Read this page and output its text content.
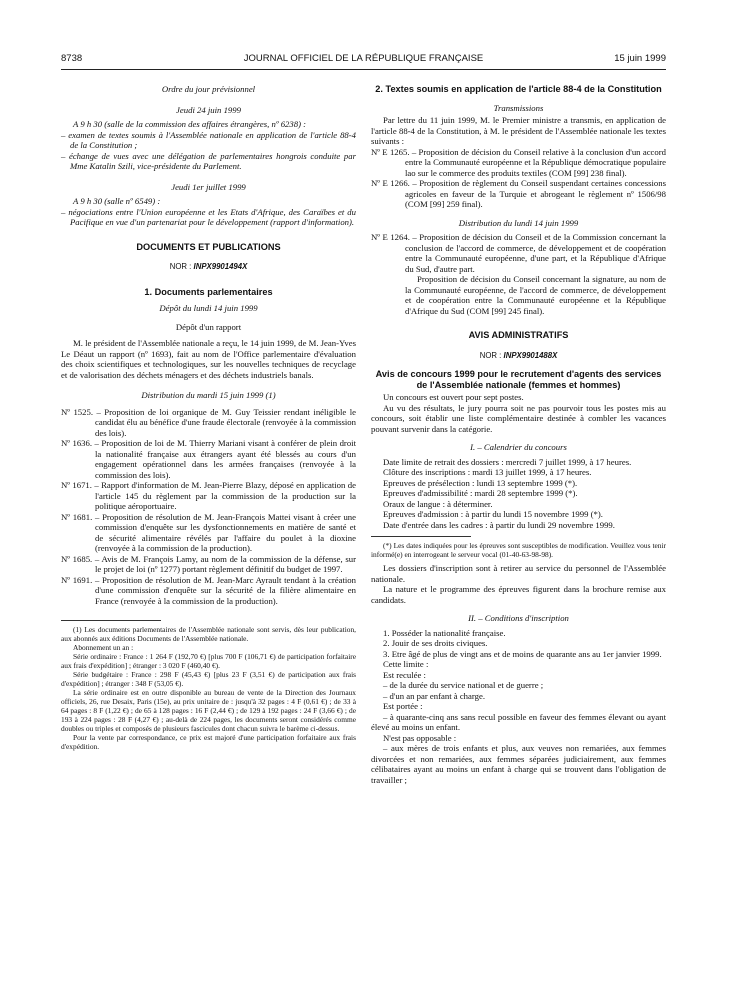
8738	JOURNAL OFFICIEL DE LA RÉPUBLIQUE FRANÇAISE	15 juin 1999

Ordre du jour prévisionnel

Jeudi 24 juin 1999

A 9 h 30 (salle de la commission des affaires étrangères, nº 6238) :

– examen de textes soumis à l'Assemblée nationale en application de l'article 88-4 de la Constitution ;

– échange de vues avec une délégation de parlementaires hongrois conduite par Mme Katalin Szili, vice-présidente du Parlement.

Jeudi 1er juillet 1999

A 9 h 30 (salle nº 6549) :

– négociations entre l'Union européenne et les Etats d'Afrique, des Caraïbes et du Pacifique en vue d'un partenariat pour le développement (rapport d'information).

DOCUMENTS ET PUBLICATIONS

NOR : INPX9901494X

1. Documents parlementaires

Dépôt du lundi 14 juin 1999

Dépôt d'un rapport

M. le président de l'Assemblée nationale a reçu, le 14 juin 1999, de M. Jean-Yves Le Déaut un rapport (nº 1693), fait au nom de l'Office parlementaire d'évaluation des choix scientifiques et technologiques, sur les nouvelles techniques de recyclage et de valorisation des déchets ménagers et des déchets industriels banals.

Distribution du mardi 15 juin 1999 (1)

Nº 1525. – Proposition de loi organique de M. Guy Teissier rendant inéligible le candidat élu au bénéfice d'une fraude électorale (renvoyée à la commission des lois).

Nº 1636. – Proposition de loi de M. Thierry Mariani visant à conférer de plein droit la nationalité française aux étrangers ayant été blessés au cours d'un engagement opérationnel dans les armées françaises (renvoyée à la commission des lois).

Nº 1671. – Rapport d'information de M. Jean-Pierre Blazy, déposé en application de l'article 145 du règlement par la commission de la production sur la politique aéroportuaire.

Nº 1681. – Proposition de résolution de M. Jean-François Mattei visant à créer une commission d'enquête sur les dysfonctionnements en matière de santé et de sécurité alimentaire révélés par l'affaire du poulet à la dioxine (renvoyée à la commission de la production).

Nº 1685. – Avis de M. François Lamy, au nom de la commission de la défense, sur le projet de loi (nº 1277) portant règlement définitif du budget de 1997.

Nº 1691. – Proposition de résolution de M. Jean-Marc Ayrault tendant à la création d'une commission d'enquête sur la sécurité de la filière alimentaire en France (renvoyée à la commission de la production).

(1) Les documents parlementaires de l'Assemblée nationale sont servis, dès leur publication, aux abonnés aux éditions Documents de l'Assemblée nationale.

Abonnement un an :

Série ordinaire : France : 1 264 F (192,70 €) [plus 700 F (106,71 €) de participation forfaitaire aux frais d'expédition] ; étranger : 3 020 F (460,40 €).

Série budgétaire : France : 298 F (45,43 €) [plus 23 F (3,51 €) de participation aux frais d'expédition] ; étranger : 348 F (53,05 €).

La série ordinaire est en outre disponible au bureau de vente de la Direction des Journaux officiels, 26, rue Desaix, Paris (15e), au prix unitaire de : jusqu'à 32 pages : 4 F (0,61 €) ; de 33 à 64 pages : 8 F (1,22 €) ; de 65 à 128 pages : 16 F (2,44 €) ; de 129 à 192 pages : 24 F (3,66 €) ; de 193 à 224 pages : 28 F (4,27 €) ; au-delà de 224 pages, les documents seront considérés comme doubles ou triples et composés de plusieurs fascicules dont chacun suivra le barème ci-dessus.

Pour la vente par correspondance, ce prix est majoré d'une participation forfaitaire aux frais d'expédition.

2. Textes soumis en application de l'article 88-4 de la Constitution

Transmissions

Par lettre du 11 juin 1999, M. le Premier ministre a transmis, en application de l'article 88-4 de la Constitution, à M. le président de l'Assemblée nationale les textes suivants :

Nº E 1265. – Proposition de décision du Conseil relative à la conclusion d'un accord entre la Communauté européenne et la République démocratique populaire lao sur le commerce des produits textiles (COM [99] 238 final).

Nº E 1266. – Proposition de règlement du Conseil suspendant certaines concessions agricoles en faveur de la Turquie et abrogeant le règlement nº 1506/98 (COM [99] 259 final).

Distribution du lundi 14 juin 1999

Nº E 1264. – Proposition de décision du Conseil et de la Commission concernant la conclusion de l'accord de commerce, de développement et de coopération entre la Communauté européenne, d'une part, et la République d'Afrique du Sud, d'autre part.

Proposition de décision du Conseil concernant la signature, au nom de la Communauté européenne, de l'accord de commerce, de développement et de coopération entre la Communauté européenne et la République d'Afrique du Sud (COM [99] 245 final).

AVIS ADMINISTRATIFS

NOR : INPX9901488X

Avis de concours 1999 pour le recrutement d'agents des services de l'Assemblée nationale (femmes et hommes)

Un concours est ouvert pour sept postes.

Au vu des résultats, le jury pourra soit ne pas pourvoir tous les postes mis au concours, soit établir une liste complémentaire destinée à combler les vacances pouvant survenir dans la catégorie.

I. – Calendrier du concours

Date limite de retrait des dossiers : mercredi 7 juillet 1999, à 17 heures.

Clôture des inscriptions : mardi 13 juillet 1999, à 17 heures.

Epreuves de présélection : lundi 13 septembre 1999 (*).

Epreuves d'admissibilité : mardi 28 septembre 1999 (*).

Oraux de langue : à déterminer.

Epreuves d'admission : à partir du lundi 15 novembre 1999 (*).

Date d'entrée dans les cadres : à partir du lundi 29 novembre 1999.

(*) Les dates indiquées pour les épreuves sont susceptibles de modification. Veuillez vous tenir informé(e) en interrogeant le serveur vocal (01-40-63-98-98).

Les dossiers d'inscription sont à retirer au service du personnel de l'Assemblée nationale.

La nature et le programme des épreuves figurent dans la brochure remise aux candidats.

II. – Conditions d'inscription

1. Posséder la nationalité française.

2. Jouir de ses droits civiques.

3. Etre âgé de plus de vingt ans et de moins de quarante ans au 1er janvier 1999.

Cette limite :

Est reculée :

– de la durée du service national et de guerre ;

– d'un an par enfant à charge.

Est portée :

– à quarante-cinq ans sans recul possible en faveur des femmes élevant ou ayant élevé au moins un enfant.

N'est pas opposable :

– aux mères de trois enfants et plus, aux veuves non remariées, aux femmes divorcées et non remariées, aux femmes séparées judiciairement, aux femmes célibataires ayant au moins un enfant à charge qui se trouvent dans l'obligation de travailler ;
